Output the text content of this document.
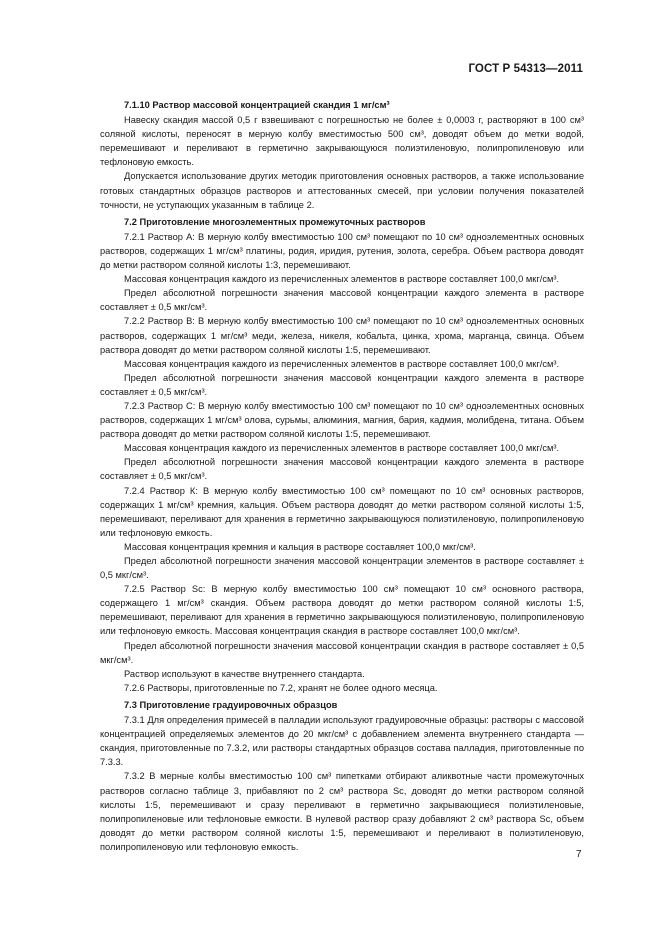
ГОСТ Р 54313—2011

7.1.10 Раствор массовой концентрацией скандия 1 мг/см³

Навеску скандия массой 0,5 г взвешивают с погрешностью не более ± 0,0003 г, растворяют в 100 см³ соляной кислоты, переносят в мерную колбу вместимостью 500 см³, доводят объем до метки водой, перемешивают и переливают в герметично закрывающуюся полиэтиленовую, полипропиленовую или тефлоновую емкость.

Допускается использование других методик приготовления основных растворов, а также использование готовых стандартных образцов растворов и аттестованных смесей, при условии получения показателей точности, не уступающих указанным в таблице 2.

7.2 Приготовление многоэлементных промежуточных растворов

7.2.1 Раствор А: В мерную колбу вместимостью 100 см³ помещают по 10 см³ одноэлементных основных растворов, содержащих 1 мг/см³ платины, родия, иридия, рутения, золота, серебра. Объем раствора доводят до метки раствором соляной кислоты 1:3, перемешивают.

Массовая концентрация каждого из перечисленных элементов в растворе составляет 100,0 мкг/см³.

Предел абсолютной погрешности значения массовой концентрации каждого элемента в растворе составляет ± 0,5 мкг/см³.

7.2.2 Раствор В: В мерную колбу вместимостью 100 см³ помещают по 10 см³ одноэлементных основных растворов, содержащих 1 мг/см³ меди, железа, никеля, кобальта, цинка, хрома, марганца, свинца. Объем раствора доводят до метки раствором соляной кислоты 1:5, перемешивают.

Массовая концентрация каждого из перечисленных элементов в растворе составляет 100,0 мкг/см³.

Предел абсолютной погрешности значения массовой концентрации каждого элемента в растворе составляет ± 0,5 мкг/см³.

7.2.3 Раствор С: В мерную колбу вместимостью 100 см³ помещают по 10 см³ одноэлементных основных растворов, содержащих 1 мг/см³ олова, сурьмы, алюминия, магния, бария, кадмия, молибдена, титана. Объем раствора доводят до метки раствором соляной кислоты 1:5, перемешивают.

Массовая концентрация каждого из перечисленных элементов в растворе составляет 100,0 мкг/см³.

Предел абсолютной погрешности значения массовой концентрации каждого элемента в растворе составляет ± 0,5 мкг/см³.

7.2.4 Раствор К: В мерную колбу вместимостью 100 см³ помещают по 10 см³ основных растворов, содержащих 1 мг/см³ кремния, кальция. Объем раствора доводят до метки раствором соляной кислоты 1:5, перемешивают, переливают для хранения в герметично закрывающуюся полиэтиленовую, полипропиленовую или тефлоновую емкость.

Массовая концентрация кремния и кальция в растворе составляет 100,0 мкг/см³.

Предел абсолютной погрешности значения массовой концентрации элементов в растворе составляет ± 0,5 мкг/см³.

7.2.5 Раствор Sc: В мерную колбу вместимостью 100 см³ помещают 10 см³ основного раствора, содержащего 1 мг/см³ скандия. Объем раствора доводят до метки раствором соляной кислоты 1:5, перемешивают, переливают для хранения в герметично закрывающуюся полиэтиленовую, полипропиленовую или тефлоновую емкость. Массовая концентрация скандия в растворе составляет 100,0 мкг/см³.

Предел абсолютной погрешности значения массовой концентрации скандия в растворе составляет ± 0,5 мкг/см³.

Раствор используют в качестве внутреннего стандарта.

7.2.6 Растворы, приготовленные по 7.2, хранят не более одного месяца.

7.3 Приготовление градуировочных образцов

7.3.1 Для определения примесей в палладии используют градуировочные образцы: растворы с массовой концентрацией определяемых элементов до 20 мкг/см³ с добавлением элемента внутреннего стандарта — скандия, приготовленные по 7.3.2, или растворы стандартных образцов состава палладия, приготовленные по 7.3.3.

7.3.2 В мерные колбы вместимостью 100 см³ пипетками отбирают аликвотные части промежуточных растворов согласно таблице 3, прибавляют по 2 см³ раствора Sc, доводят до метки раствором соляной кислоты 1:5, перемешивают и сразу переливают в герметично закрывающиеся полиэтиленовые, полипропиленовые или тефлоновые емкости. В нулевой раствор сразу добавляют 2 см³ раствора Sc, объем доводят до метки раствором соляной кислоты 1:5, перемешивают и переливают в полиэтиленовую, полипропиленовую или тефлоновую емкость.

7
